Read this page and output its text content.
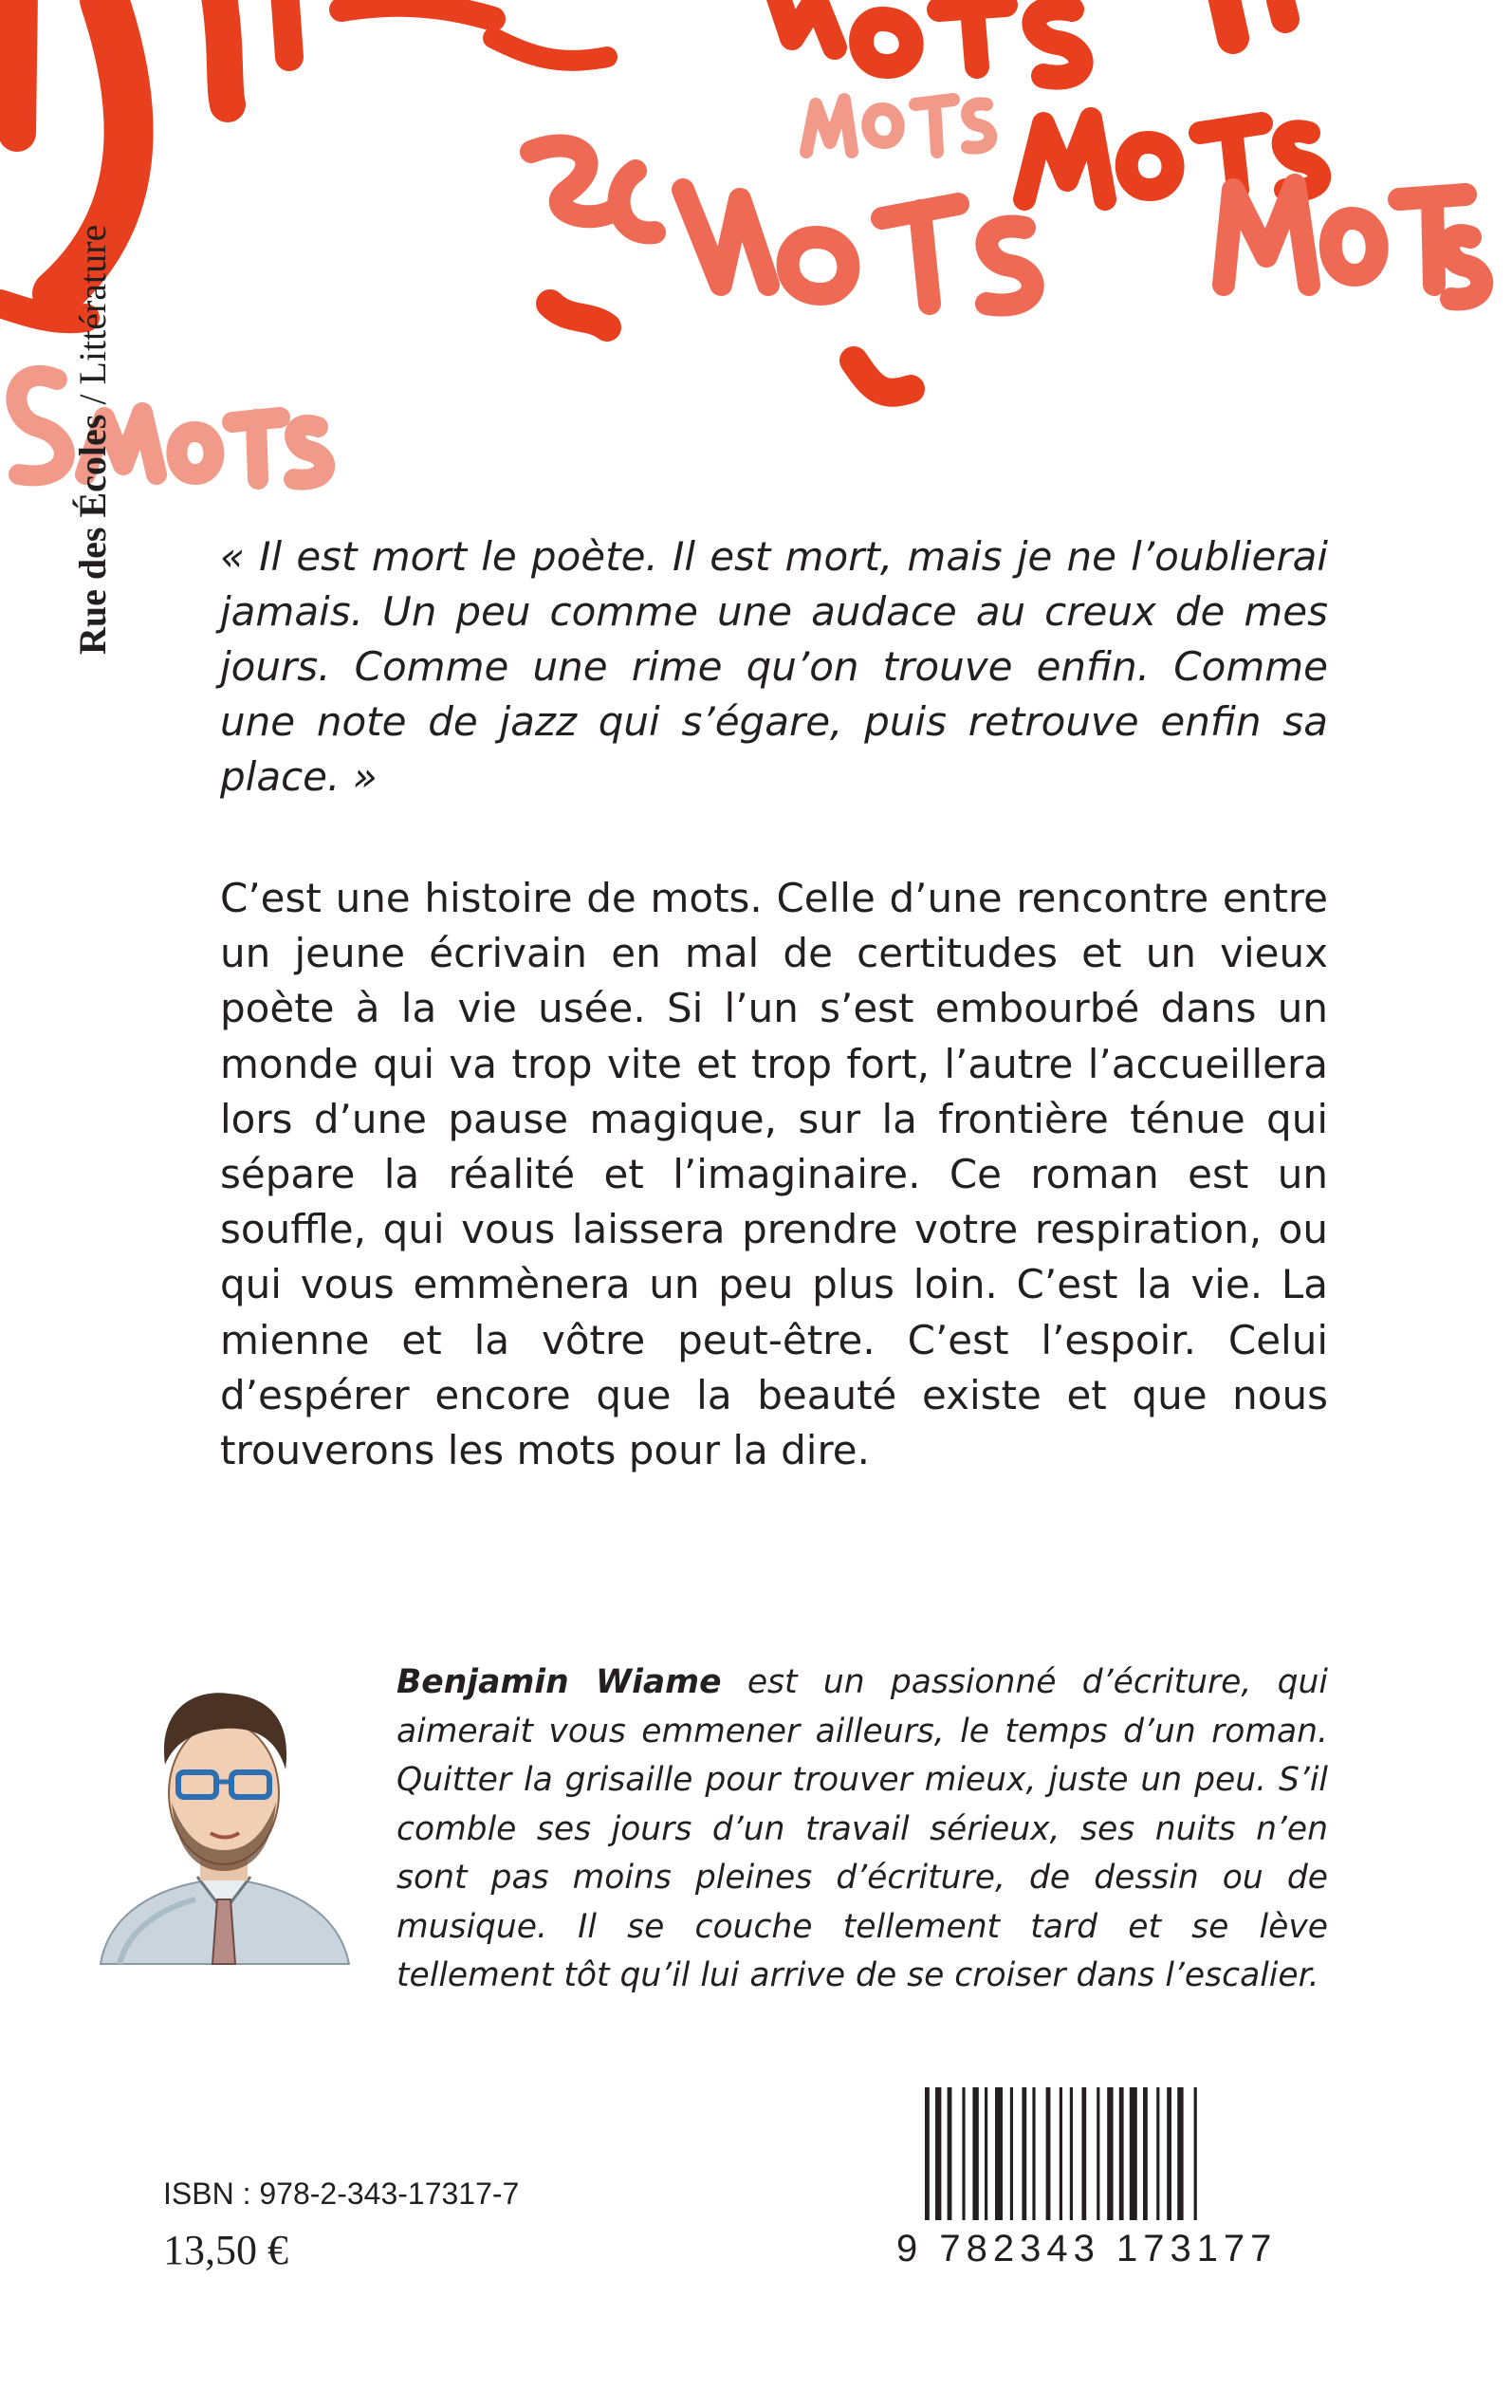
Rue des Écoles / Littérature

« Il est mort le poète. Il est mort, mais je ne l’oublierai jamais. Un peu comme une audace au creux de mes jours. Comme une rime qu’on trouve enfin. Comme une note de jazz qui s’égare, puis retrouve enfin sa place. »

C’est une histoire de mots. Celle d’une rencontre entre un jeune écrivain en mal de certitudes et un vieux poète à la vie usée. Si l’un s’est embourbé dans un monde qui va trop vite et trop fort, l’autre l’accueillera lors d’une pause magique, sur la frontière ténue qui sépare la réalité et l’imaginaire. Ce roman est un souffle, qui vous laissera prendre votre respiration, ou qui vous emmènera un peu plus loin. C’est la vie. La mienne et la vôtre peut-être. C’est l’espoir. Celui d’espérer encore que la beauté existe et que nous trouverons les mots pour la dire.

Benjamin Wiame est un passionné d’écriture, qui aimerait vous emmener ailleurs, le temps d’un roman. Quitter la grisaille pour trouver mieux, juste un peu. S’il comble ses jours d’un travail sérieux, ses nuits n’en sont pas moins pleines d’écriture, de dessin ou de musique. Il se couche tellement tard et se lève tellement tôt qu’il lui arrive de se croiser dans l’escalier.

ISBN : 978-2-343-17317-7
13,50 €	9 782343 173177
